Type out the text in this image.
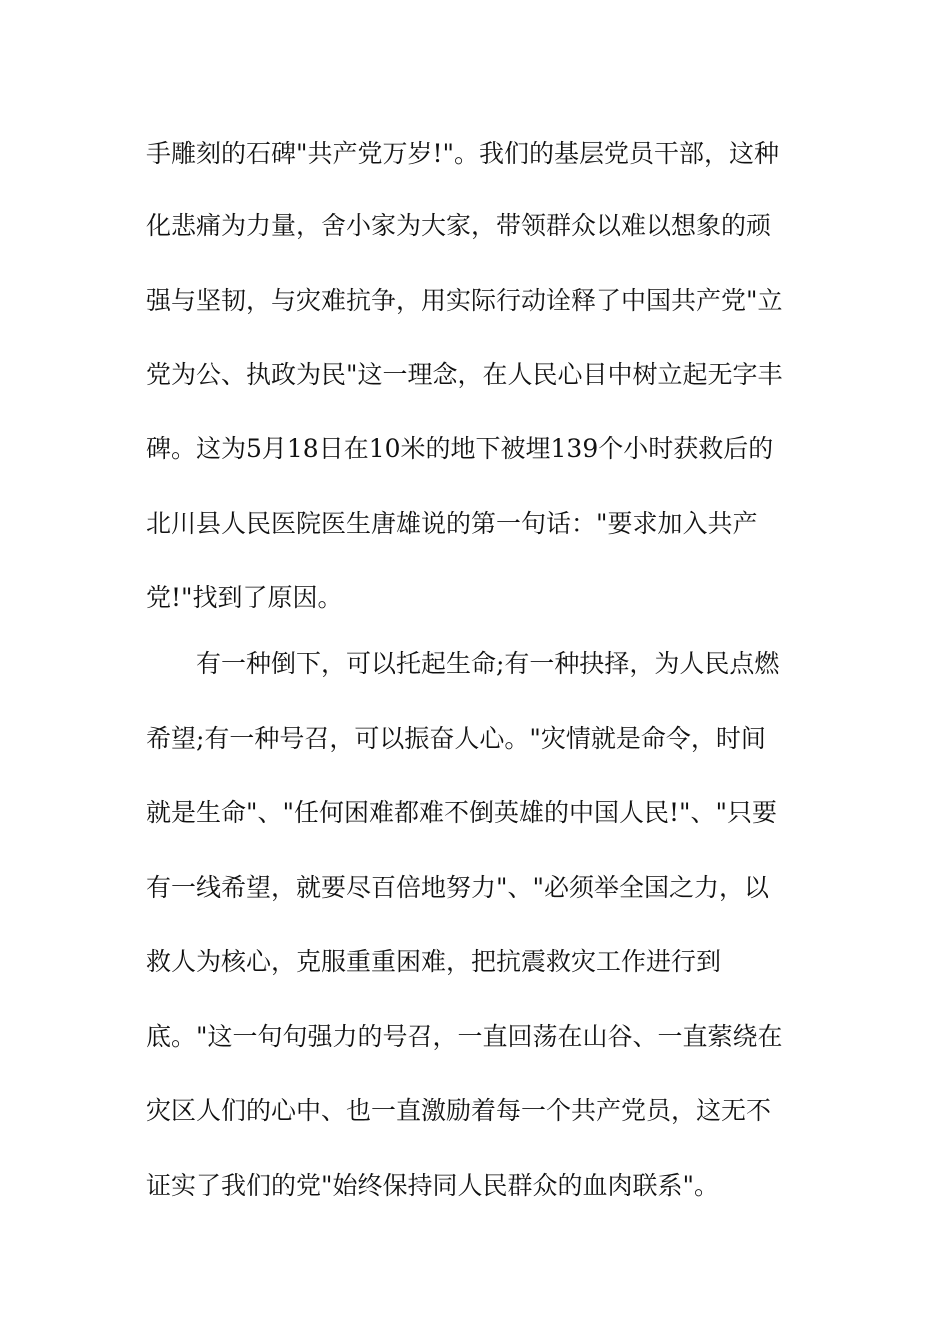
手雕刻的石碑"共产党万岁!"。我们的基层党员干部，这种
化悲痛为力量，舍小家为大家，带领群众以难以想象的顽
强与坚韧，与灾难抗争，用实际行动诠释了中国共产党"立
党为公、执政为民"这一理念，在人民心目中树立起无字丰
碑。这为5月18日在10米的地下被埋139个小时获救后的
北川县人民医院医生唐雄说的第一句话："要求加入共产
党!"找到了原因。
有一种倒下，可以托起生命;有一种抉择，为人民点燃
希望;有一种号召，可以振奋人心。"灾情就是命令，时间
就是生命"、"任何困难都难不倒英雄的中国人民!"、"只要
有一线希望，就要尽百倍地努力"、"必须举全国之力，以
救人为核心，克服重重困难，把抗震救灾工作进行到
底。"这一句句强力的号召，一直回荡在山谷、一直萦绕在
灾区人们的心中、也一直激励着每一个共产党员，这无不
证实了我们的党"始终保持同人民群众的血肉联系"。
